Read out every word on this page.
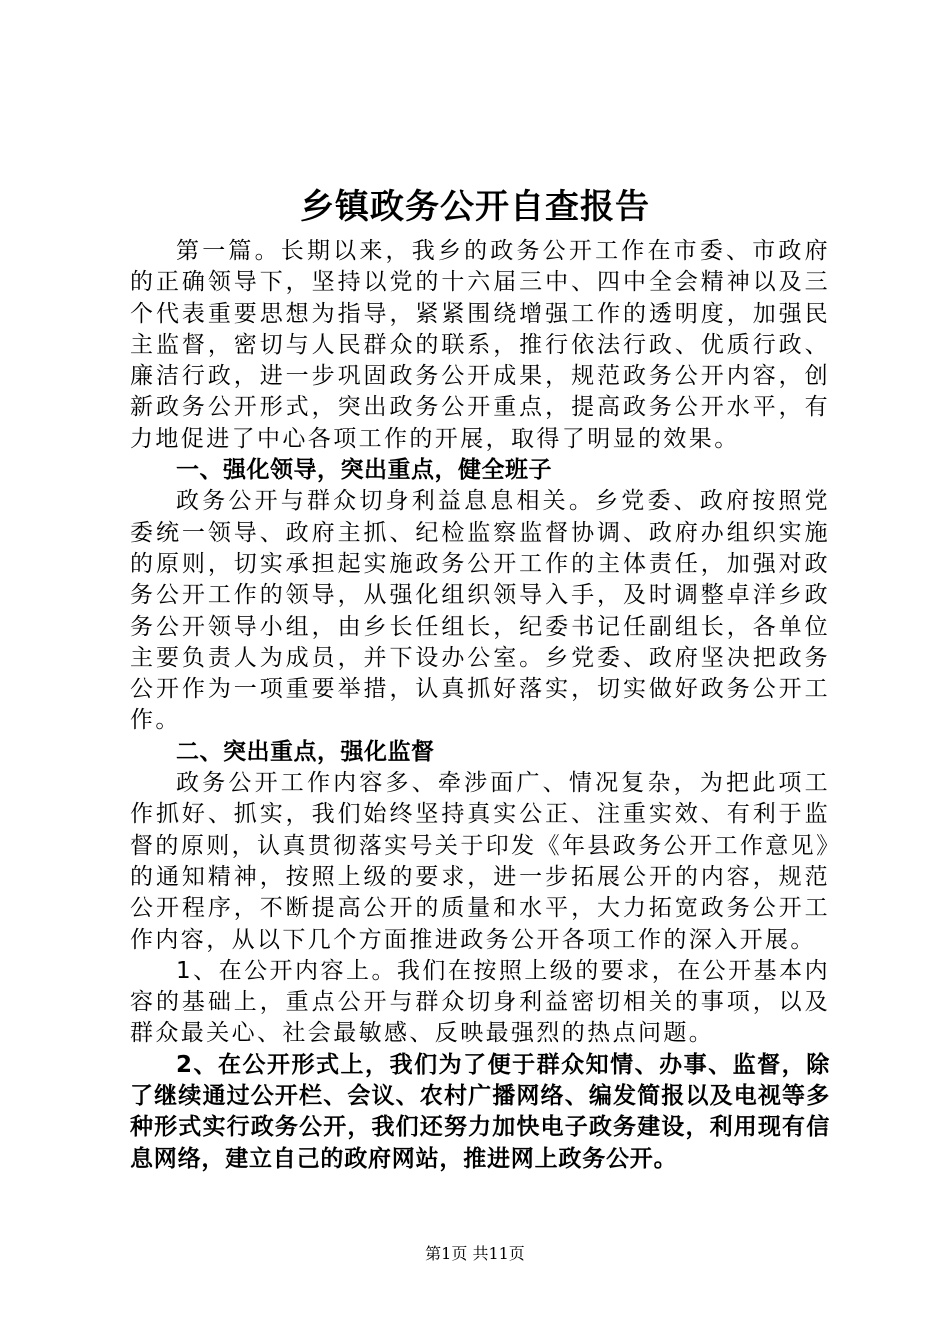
乡镇政务公开自查报告

第一篇。长期以来，我乡的政务公开工作在市委、市政府的正确领导下，坚持以党的十六届三中、四中全会精神以及三个代表重要思想为指导，紧紧围绕增强工作的透明度，加强民主监督，密切与人民群众的联系，推行依法行政、优质行政、廉洁行政，进一步巩固政务公开成果，规范政务公开内容，创新政务公开形式，突出政务公开重点，提高政务公开水平，有力地促进了中心各项工作的开展，取得了明显的效果。

一、强化领导，突出重点，健全班子

政务公开与群众切身利益息息相关。乡党委、政府按照党委统一领导、政府主抓、纪检监察监督协调、政府办组织实施的原则，切实承担起实施政务公开工作的主体责任，加强对政务公开工作的领导，从强化组织领导入手，及时调整卓洋乡政务公开领导小组，由乡长任组长，纪委书记任副组长，各单位主要负责人为成员，并下设办公室。乡党委、政府坚决把政务公开作为一项重要举措，认真抓好落实，切实做好政务公开工作。

二、突出重点，强化监督

政务公开工作内容多、牵涉面广、情况复杂，为把此项工作抓好、抓实，我们始终坚持真实公正、注重实效、有利于监督的原则，认真贯彻落实号关于印发《年县政务公开工作意见》的通知精神，按照上级的要求，进一步拓展公开的内容，规范公开程序，不断提高公开的质量和水平，大力拓宽政务公开工作内容，从以下几个方面推进政务公开各项工作的深入开展。

1、在公开内容上。我们在按照上级的要求，在公开基本内容的基础上，重点公开与群众切身利益密切相关的事项，以及群众最关心、社会最敏感、反映最强烈的热点问题。

2、在公开形式上，我们为了便于群众知情、办事、监督，除了继续通过公开栏、会议、农村广播网络、编发简报以及电视等多种形式实行政务公开，我们还努力加快电子政务建设，利用现有信息网络，建立自己的政府网站，推进网上政务公开。

第1页 共11页
